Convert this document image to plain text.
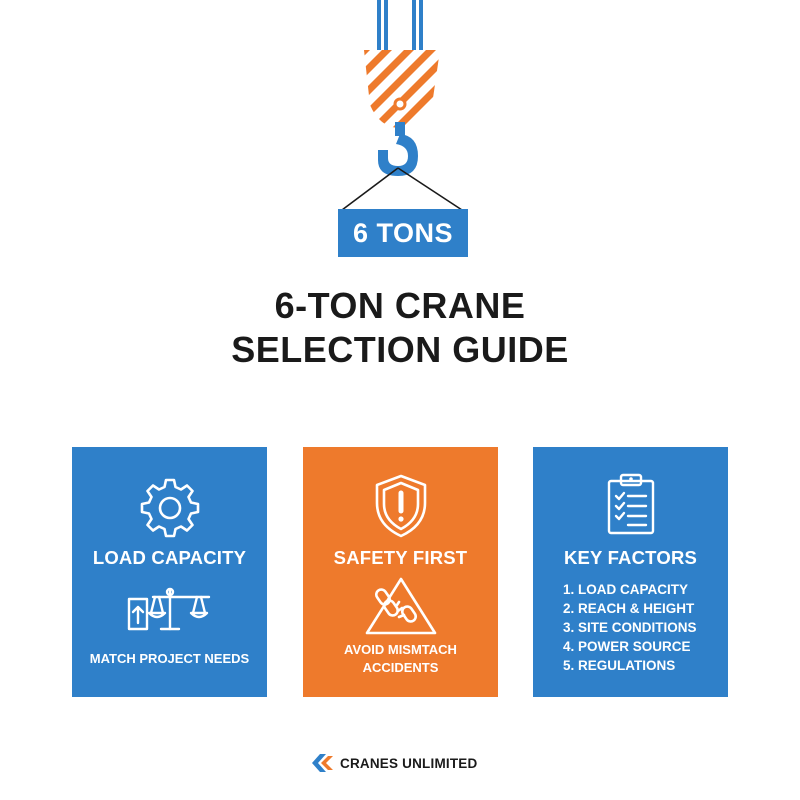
6 TONS
6-TON CRANE
SELECTION GUIDE
LOAD CAPACITY
MATCH PROJECT NEEDS
SAFETY FIRST
AVOID MISMTACH
ACCIDENTS
KEY FACTORS
1. LOAD CAPACITY
2. REACH & HEIGHT
3. SITE CONDITIONS
4. POWER SOURCE
5. REGULATIONS
CRANES UNLIMITED
